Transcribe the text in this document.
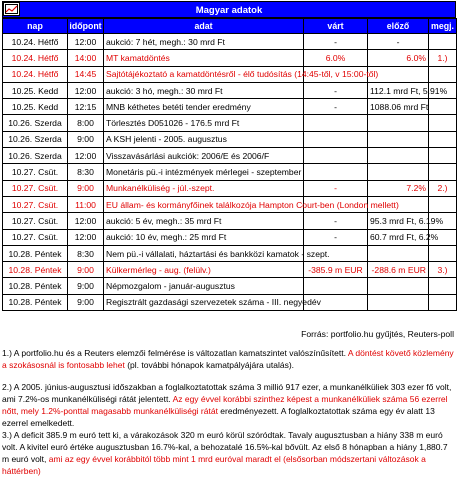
Magyar adatok
nap	időpont	adat	várt	előző	megj.
10.24. Hétfő	12:00	aukció: 7 hét, megh.: 30 mrd Ft	-	-	
10.24. Hétfő	14:00	MT kamatdöntés	6.0%	6.0%	1.)
10.24. Hétfő	14:45	Sajtótájékoztató a kamatdöntésről - élő tudósítás (14:45-től, v 15:00-től)			
10.25. Kedd	12:00	aukció: 3 hó, megh.: 30 mrd Ft	-	112.1 mrd Ft, 5.91%	
10.25. Kedd	12:15	MNB kéthetes betéti tender eredmény	-	1088.06 mrd Ft	
10.26. Szerda	8:00	Törlesztés D051026 - 176.5 mrd Ft			
10.26. Szerda	9:00	A KSH jelenti - 2005. augusztus			
10.26. Szerda	12:00	Visszavásárlási aukciók: 2006/E és 2006/F			
10.27. Csüt.	8:30	Monetáris pü.-i intézmények mérlegei - szeptember			
10.27. Csüt.	9:00	Munkanélküliség - júl.-szept.	-	7.2%	2.)
10.27. Csüt.	11:00	EU állam- és kormányfőinek találkozója Hampton Court-ben (London mellett)			
10.27. Csüt.	12:00	aukció: 5 év, megh.: 35 mrd Ft	-	95.3 mrd Ft, 6.19%	
10.27. Csüt.	12:00	aukció: 10 év, megh.: 25 mrd Ft	-	60.7 mrd Ft, 6.2%	
10.28. Péntek	8:30	Nem pü.-i vállalati, háztartási és bankközi kamatok - szept.			
10.28. Péntek	9:00	Külkermérleg - aug. (felülv.)	-385.9 m EUR	-288.6 m EUR	3.)
10.28. Péntek	9:00	Népmozgalom - január-augusztus			
10.28. Péntek	9:00	Regisztrált gazdasági szervezetek száma - III. negyedév			
Forrás: portfolio.hu gyűjtés, Reuters-poll
1.) A portfolio.hu és a Reuters elemzői felmérése is változatlan kamatszintet valószínűsített. A döntést követő közlemény a szokásosnál is fontosabb lehet (pl. további hónapok kamatpályájára utalás).
2.) A 2005. június-augusztusi időszakban a foglalkoztatottak száma 3 millió 917 ezer, a munkanélküliek 303 ezer fő volt, ami 7.2%-os munkanélküliségi rátát jelentett. Az egy évvel korábbi szinthez képest a munkanélküliek száma 56 ezerrel nőtt, mely 1.2%-ponttal magasabb munkanélküliségi rátát eredményezett. A foglalkoztatottak száma egy év alatt 13 ezerrel emelkedett.
3.) A deficit 385.9 m euró tett ki, a várakozások 320 m euró körül szóródtak. Tavaly augusztusban a hiány 338 m euró volt. A kivitel euró értéke augusztusban 16.7%-kal, a behozatalé 16.5%-kal bővült. Az első 8 hónapban a hiány 1,880.7 m euró volt, ami az egy évvel korábbitól több mint 1 mrd euróval maradt el (elsősorban módszertani változások a háttérben)
